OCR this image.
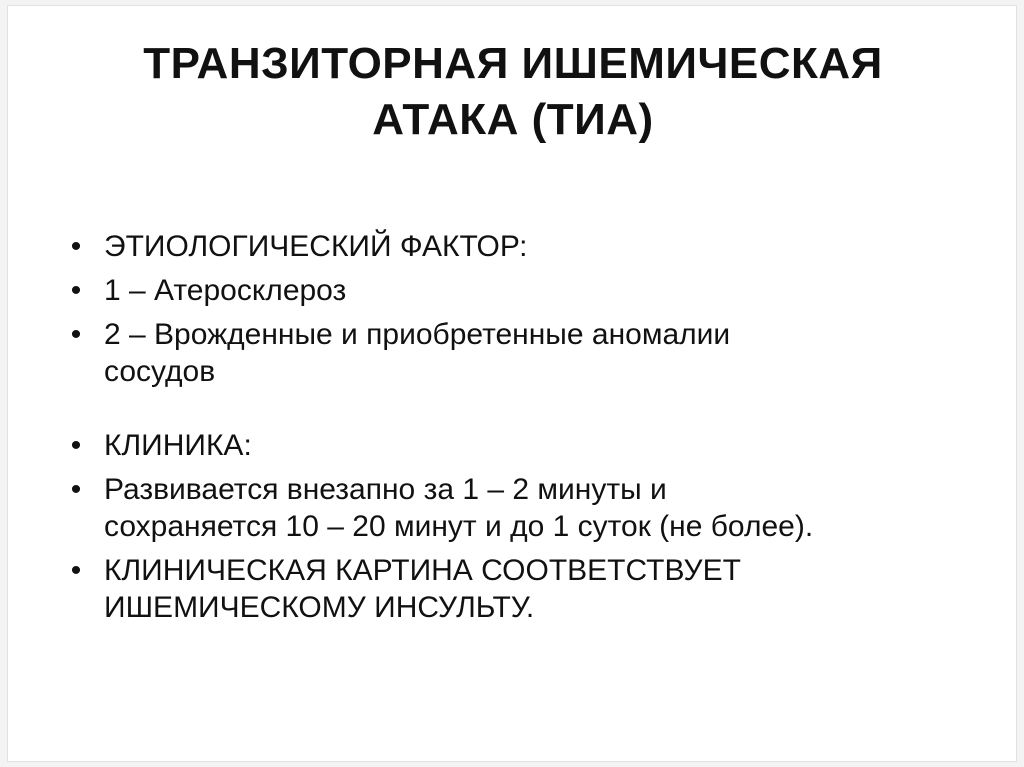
ТРАНЗИТОРНАЯ ИШЕМИЧЕСКАЯ
АТАКА (ТИА)
• ЭТИОЛОГИЧЕСКИЙ ФАКТОР:
• 1 – Атеросклероз
• 2 – Врожденные и приобретенные аномалии
сосудов
• КЛИНИКА:
• Развивается внезапно за 1 – 2 минуты и
сохраняется 10 – 20 минут и до 1 суток (не более).
• КЛИНИЧЕСКАЯ КАРТИНА СООТВЕТСТВУЕТ
ИШЕМИЧЕСКОМУ ИНСУЛЬТУ.
